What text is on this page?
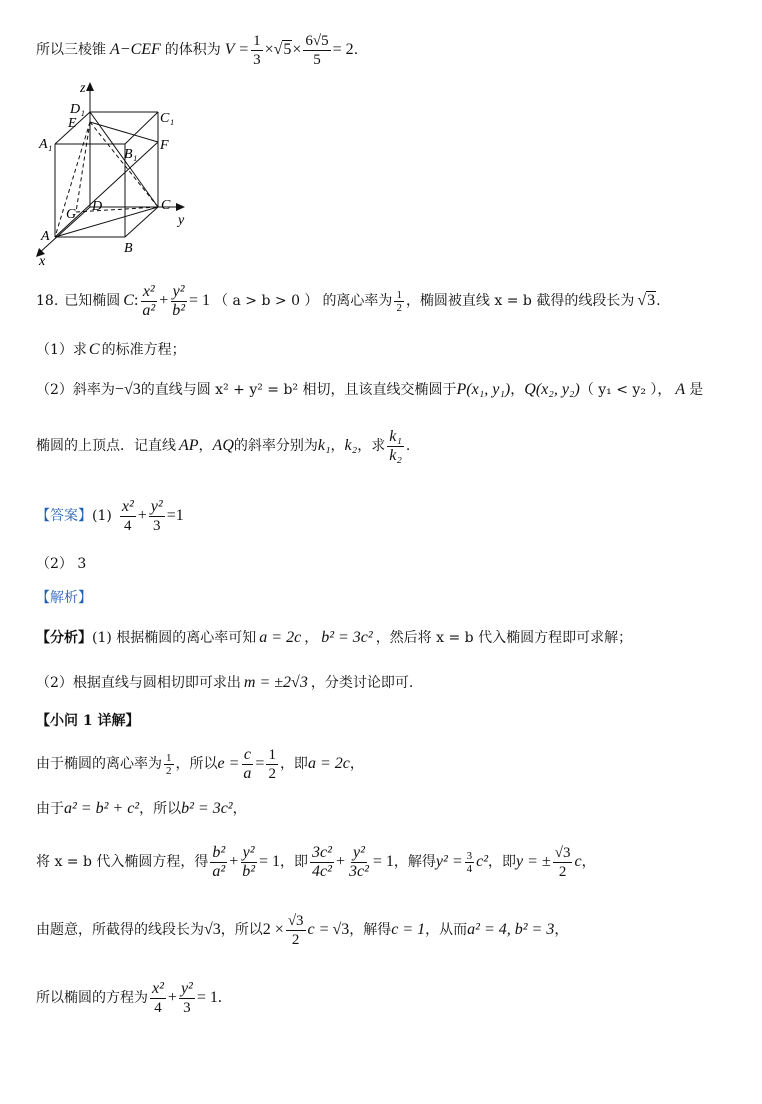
所以三棱锥 A−CEF 的体积为 $V = \frac{1}{3} \times √5 \times \frac{6√5}{5} = 2$ .
z
D₁
E	C₁
A₁
B₁
F
G
D	C
y
A
B
x
18. 已知椭圆 C : $\frac{\text{x²}}{\text{a²}} + \frac{\text{y²}}{\text{b²}} = 1$ （ a > b > 0 ） 的离心率为 $\frac{1}{2}$ ，椭圆被直线 x = b 截得的线段长为 √3 .
（1）求 C 的标准方程；
（2）斜率为−√3的直线与圆 x² + y² = b² 相切，且该直线交椭圆于P(x₁, y₁)，Q(x₂, y₂)（ y₁ < y₂ ）， A 是
椭圆的上顶点．记直线 AP ， AQ 的斜率分别为 k₁ ， k₂ ，求 $\frac{\text{k₁}}{\text{k₂}}$ .
【答案】 $(1) \frac{\text{x²}}{4} + \frac{\text{y²}}{3} =1$
（2） 3
【解析】
【分析】(1) 根据椭圆的离心率可知 a = 2c ， b² = 3c² ，然后将 x = b 代入椭圆方程即可求解；
（2）根据直线与圆相切即可求出 m = ±2√3 ，分类讨论即可.
【小问 1 详解】
由于椭圆的离心率为 $\frac{1}{2}$ ，所以 $e = \frac{c}{a} = \frac{1}{2}$ ，即 a = 2c ，
由于a² = b² + c²，所以b² = 3c²，
将 x = b 代入椭圆方程，得 $\frac{\text{b²}}{\text{a²}} + \frac{\text{y²}}{\text{b²}} = 1$ ，即 $\frac{\text{3c²}}{\text{4c²}} + \frac{\text{y²}}{\text{3c²}} = 1$ ，解得 $y^2 = \frac{3}{4} c^2$ ，即 y = ± $\frac{√3}{2}$ c ，
由题意，所截得的线段长为 √3 ，所以 $2 \times \frac{√3}{2}$ c = √3 ，解得 c = 1 ，从而 a² = 4, b² = 3 ，
所以椭圆的方程为 $\frac{\text{x²}}{4} + \frac{\text{y²}}{3} = 1$.
